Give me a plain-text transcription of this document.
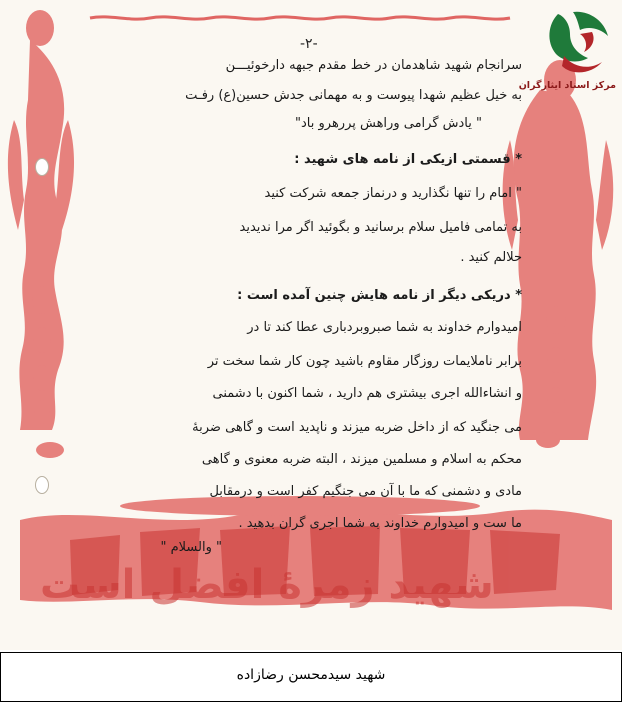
مرکز اسناد ایثارگران
-۲-
سرانجام شهید شاهدمان در خط مقدم جبهه دارخوئیـــن
به خیل عظیم شهدا پیوست و به مهمانی جدش حسین(ع) رفـت
" یادش گرامی وراهش پررهرو باد"
* قسمتی ازیکی از نامه های شهید :
" امام را تنها نگذارید و درنماز جمعه شرکت کنید
به تمامی فامیل سلام برسانید و بگوئید اگر مرا ندیدید
حلالم کنید .
* دریکی دیگر از نامه هایش چنین آمده است :
امیدوارم خداوند به شما صبروبردباری عطا کند تا در
برابر ناملایمات روزگار مقاوم باشید چون کار شما سخت تر
و انشاءالله اجری بیشتری هم دارید ، شما اکنون با دشمنی
می جنگید که از داخل ضربه میزند و ناپدید است و گاهی ضربهٔ
محکم به اسلام و مسلمین میزند ، البته ضربه معنوی و گاهی
مادی و دشمنی که ما با آن می جنگیم کفر است و درمقابل
ما ست و امیدوارم خداوند به شما اجری گران بدهید .
" والسلام "
شهید زمرهٔ افضل است
شهید سیدمحسن رضازاده
